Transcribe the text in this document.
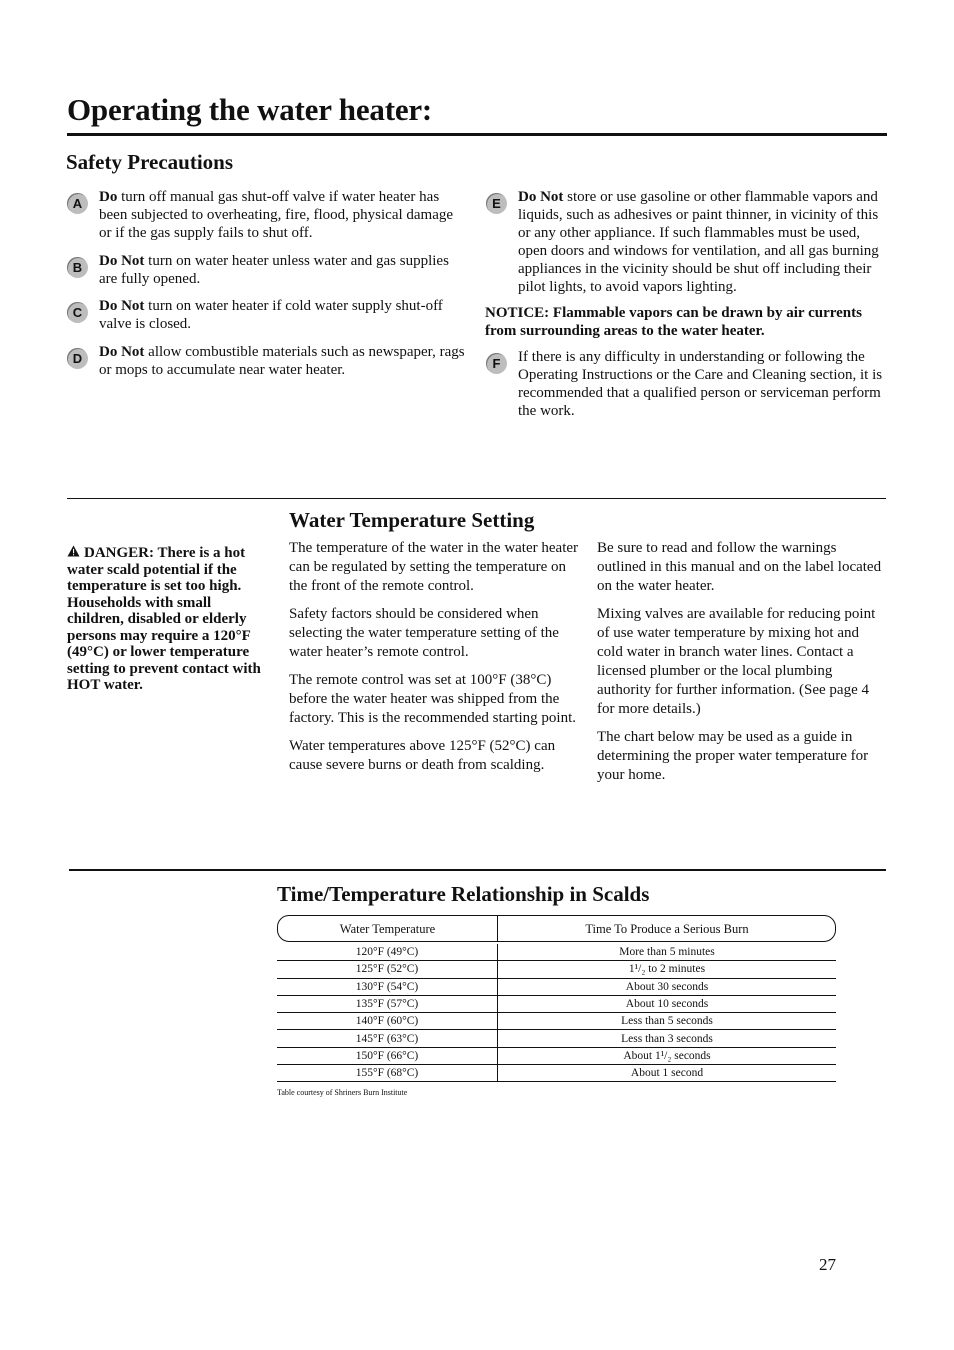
Operating the water heater:
Safety Precautions
A	Do turn off manual gas shut-off valve if water heater has been subjected to overheating, fire, flood, physical damage or if the gas supply fails to shut off.
B	Do Not turn on water heater unless water and gas supplies are fully opened.
C	Do Not turn on water heater if cold water supply shut-off valve is closed.
D	Do Not allow combustible materials such as newspaper, rags or mops to accumulate near water heater.
E	Do Not store or use gasoline or other flammable vapors and liquids, such as adhesives or paint thinner, in vicinity of this or any other appliance. If such flammables must be used, open doors and windows for ventilation, and all gas burning appliances in the vicinity should be shut off including their pilot lights, to avoid vapors lighting.
NOTICE: Flammable vapors can be drawn by air currents from surrounding areas to the water heater.
F	If there is any difficulty in understanding or following the Operating Instructions or the Care and Cleaning section, it is recommended that a qualified person or serviceman perform the work.
Water Temperature Setting
DANGER: There is a hot water scald potential if the temperature is set too high. Households with small children, disabled or elderly persons may require a 120°F (49°C) or lower temperature setting to prevent contact with HOT water.

The temperature of the water in the water heater can be regulated by setting the temperature on the front of the remote control.

Safety factors should be considered when selecting the water temperature setting of the water heater’s remote control.

The remote control was set at 100°F (38°C) before the water heater was shipped from the factory. This is the recommended starting point.

Water temperatures above 125°F (52°C) can cause severe burns or death from scalding.

Be sure to read and follow the warnings outlined in this manual and on the label located on the water heater.

Mixing valves are available for reducing point of use water temperature by mixing hot and cold water in branch water lines. Contact a licensed plumber or the local plumbing authority for further information. (See page 4 for more details.)

The chart below may be used as a guide in determining the proper water temperature for your home.

Time/Temperature Relationship in Scalds
Water Temperature	Time To Produce a Serious Burn
120°F (49°C)	More than 5 minutes
125°F (52°C)	1¹/₂ to 2 minutes
130°F (54°C)	About 30 seconds
135°F (57°C)	About 10 seconds
140°F (60°C)	Less than 5 seconds
145°F (63°C)	Less than 3 seconds
150°F (66°C)	About 1¹/₂ seconds
155°F (68°C)	About 1 second
Table courtesy of Shriners Burn Institute
27
